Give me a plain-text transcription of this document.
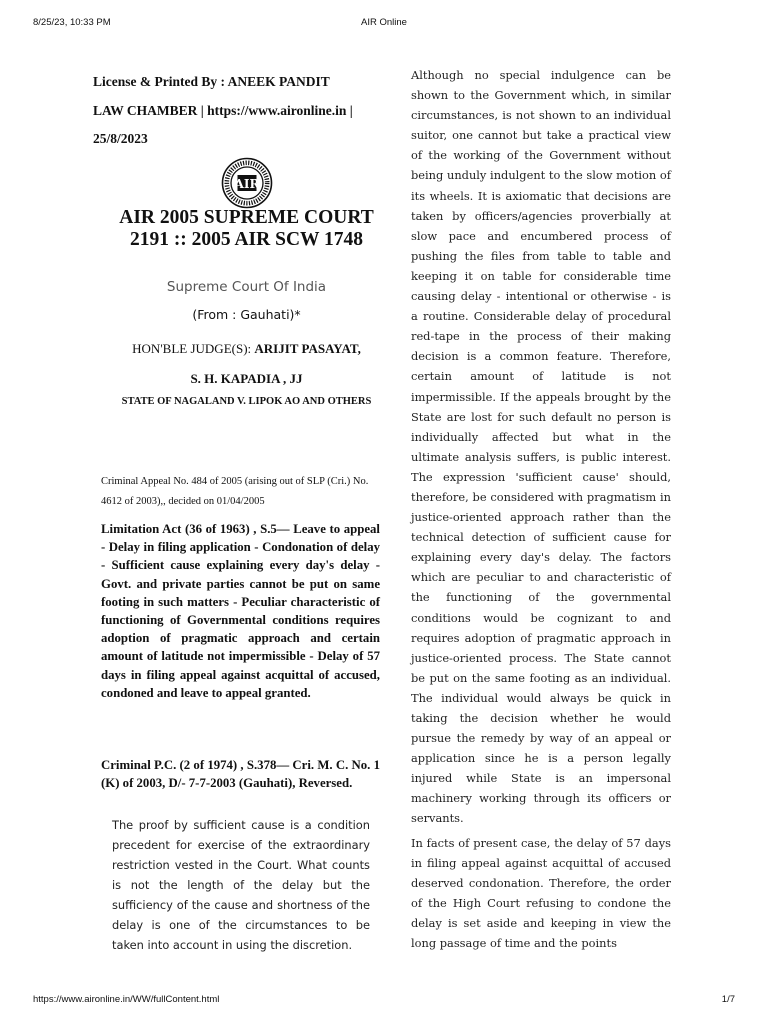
8/25/23, 10:33 PM	AIR Online
License & Printed By : ANEEK PANDIT
LAW CHAMBER | https://www.aironline.in |
25/8/2023
AIR
AIR 2005 SUPREME COURT 2191 :: 2005 AIR SCW 1748
Supreme Court Of India
(From : Gauhati)*
HON'BLE JUDGE(S): ARIJIT PASAYAT,
S. H. KAPADIA , JJ
STATE OF NAGALAND V. LIPOK AO AND OTHERS
Criminal Appeal No. 484 of 2005 (arising out of SLP (Cri.) No. 4612 of 2003),, decided on 01/04/2005
Limitation Act (36 of 1963) , S.5— Leave to appeal - Delay in filing application - Condonation of delay - Sufficient cause explaining every day's delay - Govt. and private parties cannot be put on same footing in such matters - Peculiar characteristic of functioning of Governmental conditions requires adoption of pragmatic approach and certain amount of latitude not impermissible - Delay of 57 days in filing appeal against acquittal of accused, condoned and leave to appeal granted.
Criminal P.C. (2 of 1974) , S.378— Cri. M. C. No. 1 (K) of 2003, D/- 7-7-2003 (Gauhati), Reversed.
The proof by sufficient cause is a condition precedent for exercise of the extraordinary restriction vested in the Court. What counts is not the length of the delay but the sufficiency of the cause and shortness of the delay is one of the circumstances to be taken into account in using the discretion.
Although no special indulgence can be shown to the Government which, in similar circumstances, is not shown to an individual suitor, one cannot but take a practical view of the working of the Government without being unduly indulgent to the slow motion of its wheels. It is axiomatic that decisions are taken by officers/agencies proverbially at slow pace and encumbered process of pushing the files from table to table and keeping it on table for considerable time causing delay - intentional or otherwise - is a routine. Considerable delay of procedural red-tape in the process of their making decision is a common feature. Therefore, certain amount of latitude is not impermissible. If the appeals brought by the State are lost for such default no person is individually affected but what in the ultimate analysis suffers, is public interest. The expression 'sufficient cause' should, therefore, be considered with pragmatism in justice-oriented approach rather than the technical detection of sufficient cause for explaining every day's delay. The factors which are peculiar to and characteristic of the functioning of the governmental conditions would be cognizant to and requires adoption of pragmatic approach in justice-oriented process. The State cannot be put on the same footing as an individual. The individual would always be quick in taking the decision whether he would pursue the remedy by way of an appeal or application since he is a person legally injured while State is an impersonal machinery working through its officers or servants.
In facts of present case, the delay of 57 days in filing appeal against acquittal of accused deserved condonation. Therefore, the order of the High Court refusing to condone the delay is set aside and keeping in view the long passage of time and the points
https://www.aironline.in/WW/fullContent.html	1/7
